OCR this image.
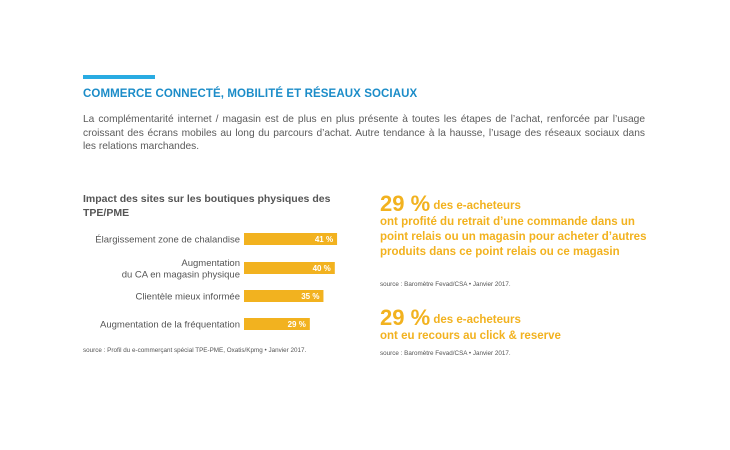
COMMERCE CONNECTÉ, MOBILITÉ ET RÉSEAUX SOCIAUX
La complémentarité internet / magasin est de plus en plus présente à toutes les étapes de l’achat, renforcée par l’usage croissant des écrans mobiles au long du parcours d’achat. Autre tendance à la hausse, l’usage des réseaux sociaux dans les relations marchandes.
Impact des sites sur les boutiques physiques des TPE/PME
41 %
Élargissement zone de chalandise
40 %
Augmentation du CA en magasin physique
35 %
Clientèle mieux informée
29 %
Augmentation de la fréquentation
source : Profil du e-commerçant spécial TPE-PME, Oxatis/Kpmg • Janvier 2017.
29 % des e-acheteurs
ont profité du retrait d’une commande dans un point relais ou un magasin pour acheter d’autres produits dans ce point relais ou ce magasin
source : Baromètre Fevad/CSA • Janvier 2017.
29 % des e-acheteurs
ont eu recours au click & reserve
source : Baromètre Fevad/CSA • Janvier 2017.
